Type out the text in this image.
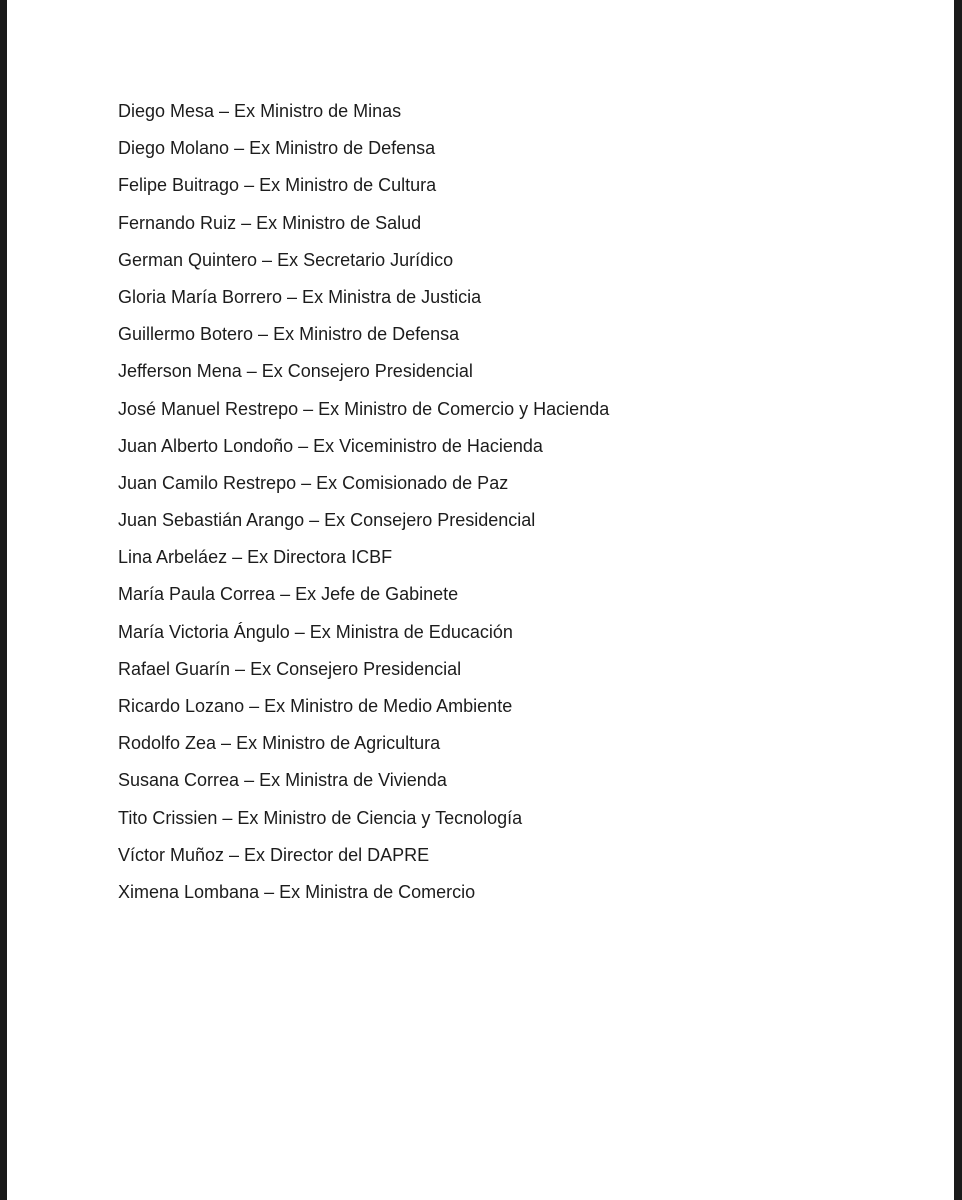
Diego Mesa – Ex Ministro de Minas
Diego Molano – Ex Ministro de Defensa
Felipe Buitrago – Ex Ministro de Cultura
Fernando Ruiz – Ex Ministro de Salud
German Quintero – Ex Secretario Jurídico
Gloria María Borrero – Ex Ministra de Justicia
Guillermo Botero – Ex Ministro de Defensa
Jefferson Mena – Ex Consejero Presidencial
José Manuel Restrepo – Ex Ministro de Comercio y Hacienda
Juan Alberto Londoño – Ex Viceministro de Hacienda
Juan Camilo Restrepo – Ex Comisionado de Paz
Juan Sebastián Arango – Ex Consejero Presidencial
Lina Arbeláez – Ex Directora ICBF
María Paula Correa – Ex Jefe de Gabinete
María Victoria Ángulo – Ex Ministra de Educación
Rafael Guarín – Ex Consejero Presidencial
Ricardo Lozano – Ex Ministro de Medio Ambiente
Rodolfo Zea – Ex Ministro de Agricultura
Susana Correa – Ex Ministra de Vivienda
Tito Crissien – Ex Ministro de Ciencia y Tecnología
Víctor Muñoz – Ex Director del DAPRE
Ximena Lombana – Ex Ministra de Comercio
